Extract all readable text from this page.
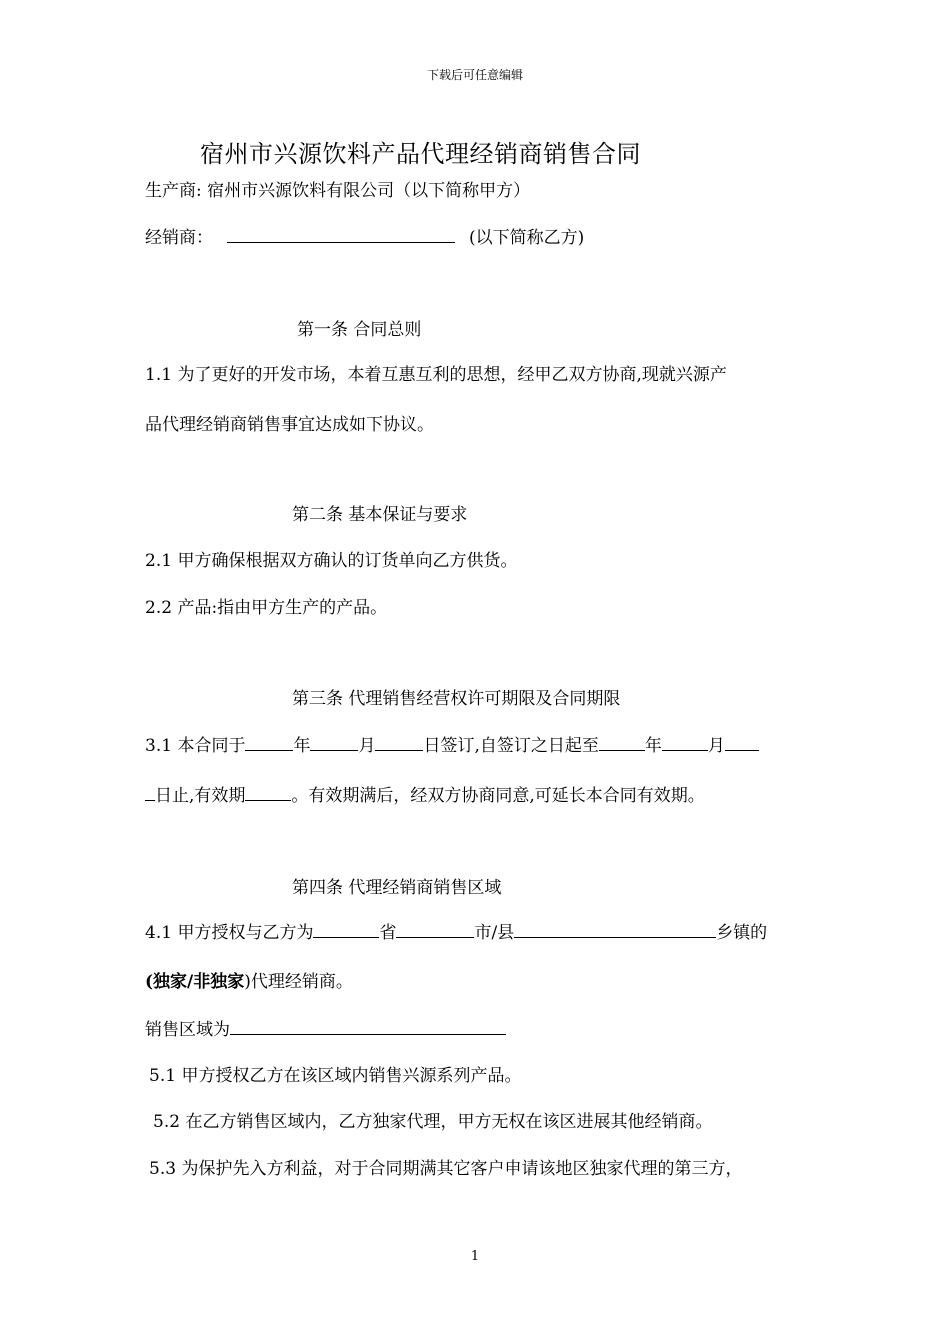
下载后可任意编辑
宿州市兴源饮料产品代理经销商销售合同
生产商: 宿州市兴源饮料有限公司（以下简称甲方）
经销商：	(以下简称乙方)
第一条 合同总则
1.1 为了更好的开发市场，本着互惠互利的思想，经甲乙双方协商,现就兴源产
品代理经销商销售事宜达成如下协议。
第二条 基本保证与要求
2.1 甲方确保根据双方确认的订货单向乙方供货。
2.2 产品:指由甲方生产的产品。
第三条 代理销售经营权许可期限及合同期限
3.1 本合同于	年	月	日签订,自签订之日起至	年	月
日止,有效期	。有效期满后，经双方协商同意,可延长本合同有效期。
第四条 代理经销商销售区域
4.1 甲方授权与乙方为	省	市/县	乡镇的
(独家/非独家)代理经销商。
销售区域为
5.1 甲方授权乙方在该区域内销售兴源系列产品。
5.2 在乙方销售区域内，乙方独家代理，甲方无权在该区进展其他经销商。
5.3 为保护先入方利益，对于合同期满其它客户申请该地区独家代理的第三方，
1
